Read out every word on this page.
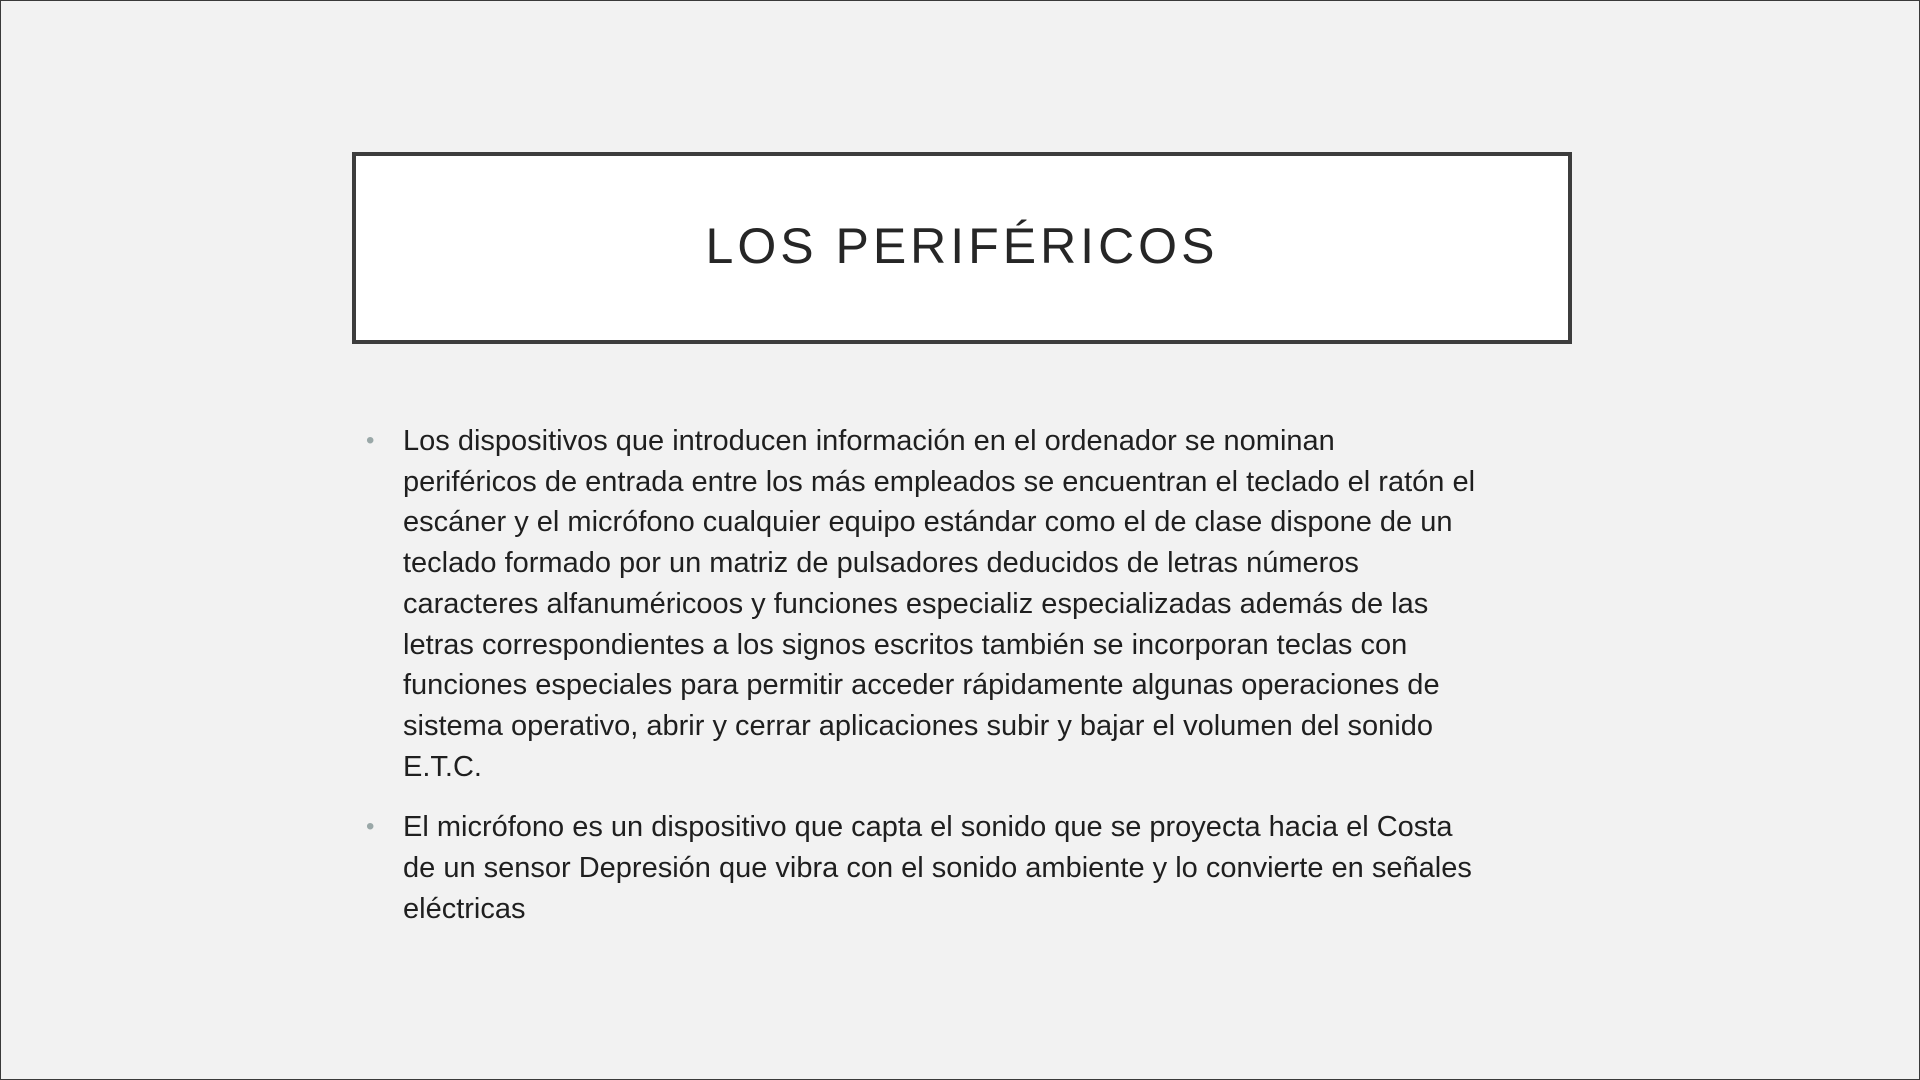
LOS PERIFÉRICOS
• Los dispositivos que introducen información en el ordenador se nominan
periféricos de entrada entre los más empleados se encuentran el teclado el ratón el
escáner y el micrófono cualquier equipo estándar como el de clase dispone de un
teclado formado por un matriz de pulsadores deducidos de letras números
caracteres alfanuméricoos y funciones especializ especializadas además de las
letras correspondientes a los signos escritos también se incorporan teclas con
funciones especiales para permitir acceder rápidamente algunas operaciones de
sistema operativo, abrir y cerrar aplicaciones subir y bajar el volumen del sonido
E.T.C.
• El micrófono es un dispositivo que capta el sonido que se proyecta hacia el Costa
de un sensor Depresión que vibra con el sonido ambiente y lo convierte en señales
eléctricas
